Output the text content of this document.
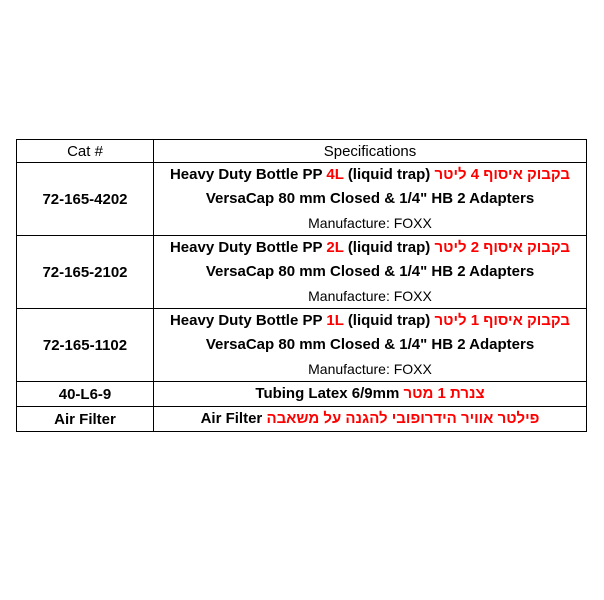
Cat #	Specifications
72-165-4202	Heavy Duty Bottle PP 4L (liquid trap) בקבוק איסוף 4 ליטר
VersaCap 80 mm Closed & 1/4" HB 2 Adapters
Manufacture: FOXX

72-165-2102	Heavy Duty Bottle PP 2L (liquid trap) בקבוק איסוף 2 ליטר
VersaCap 80 mm Closed & 1/4" HB 2 Adapters
Manufacture: FOXX

72-165-1102	Heavy Duty Bottle PP 1L (liquid trap) בקבוק איסוף 1 ליטר
VersaCap 80 mm Closed & 1/4" HB 2 Adapters
Manufacture: FOXX

40-L6-9	Tubing Latex 6/9mm צנרת 1 מטר

Air Filter	Air Filter פילטר אוויר הידרופובי להגנה על משאבה
